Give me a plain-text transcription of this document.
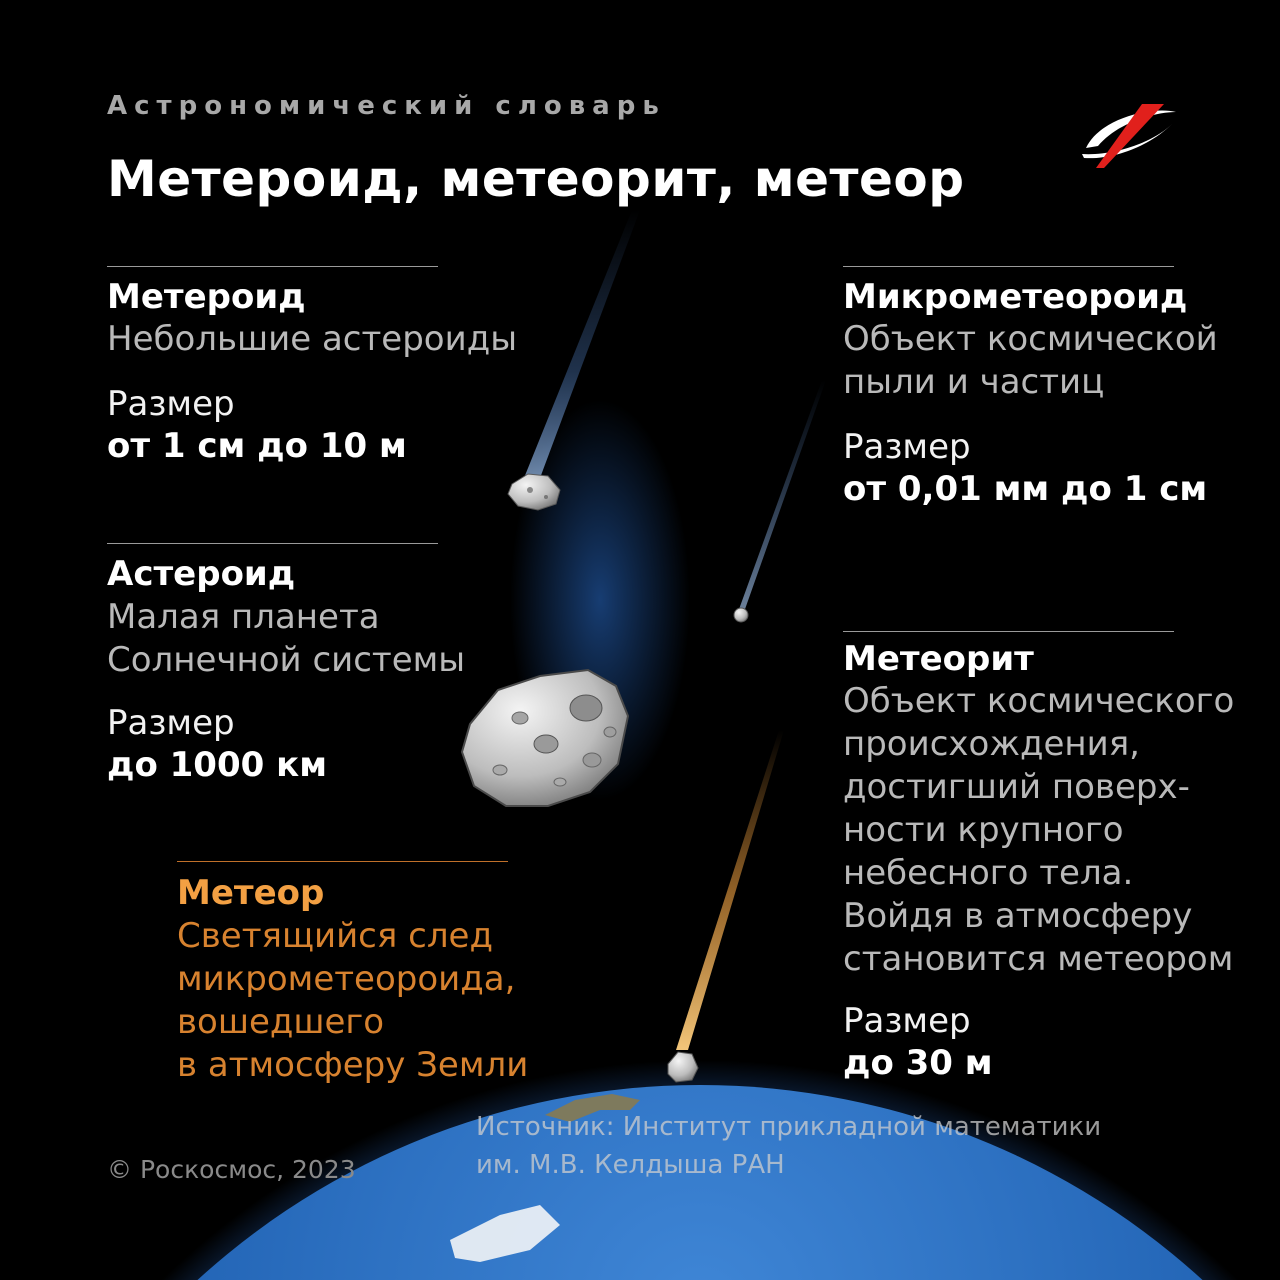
Астрономический словарь
Метероид, метеорит, метеор
Метероид
Небольшие астероиды
Размер
от 1 см до 10 м
Астероид
Малая планета
Солнечной системы
Размер
до 1000 км
Метеор
Светящийся след
микрометеороида,
вошедшего
в атмосферу Земли
Микрометеороид
Объект космической
пыли и частиц
Размер
от 0,01 мм до 1 см
Метеорит
Объект космического
происхождения,
достигший поверх-
ности крупного
небесного тела.
Войдя в атмосферу
становится метеором
Размер
до 30 м
© Роскосмос, 2023
Источник: Институт прикладной математики
им. М.В. Келдыша РАН
